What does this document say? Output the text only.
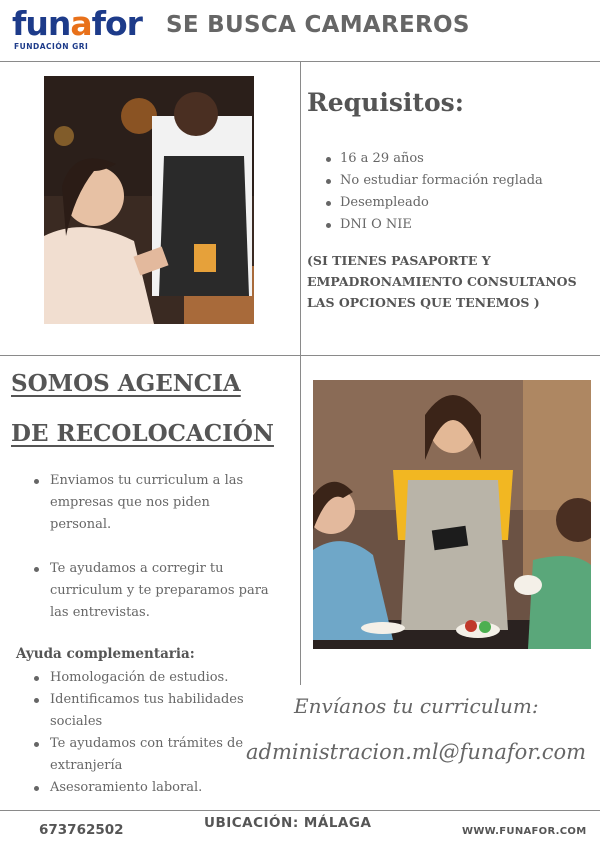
funafor
FUNDACIÓN GRI
SE BUSCA CAMAREROS
Requisitos:
16 a 29 años
No estudiar formación reglada
Desempleado
DNI O NIE
(SI TIENES PASAPORTE Y EMPADRONAMIENTO CONSULTANOS LAS OPCIONES QUE TENEMOS )
SOMOS AGENCIA
DE RECOLOCACIÓN
Enviamos tu curriculum a las empresas que nos piden personal.
Te ayudamos a corregir tu curriculum y te preparamos para las entrevistas.
Ayuda complementaria:
Homologación de estudios.
Identificamos tus habilidades sociales
Te ayudamos con trámites de extranjería
Asesoramiento laboral.
Envíanos tu curriculum:
administracion.ml@funafor.com
673762502	UBICACIÓN: MÁLAGA
WWW.FUNAFOR.COM
